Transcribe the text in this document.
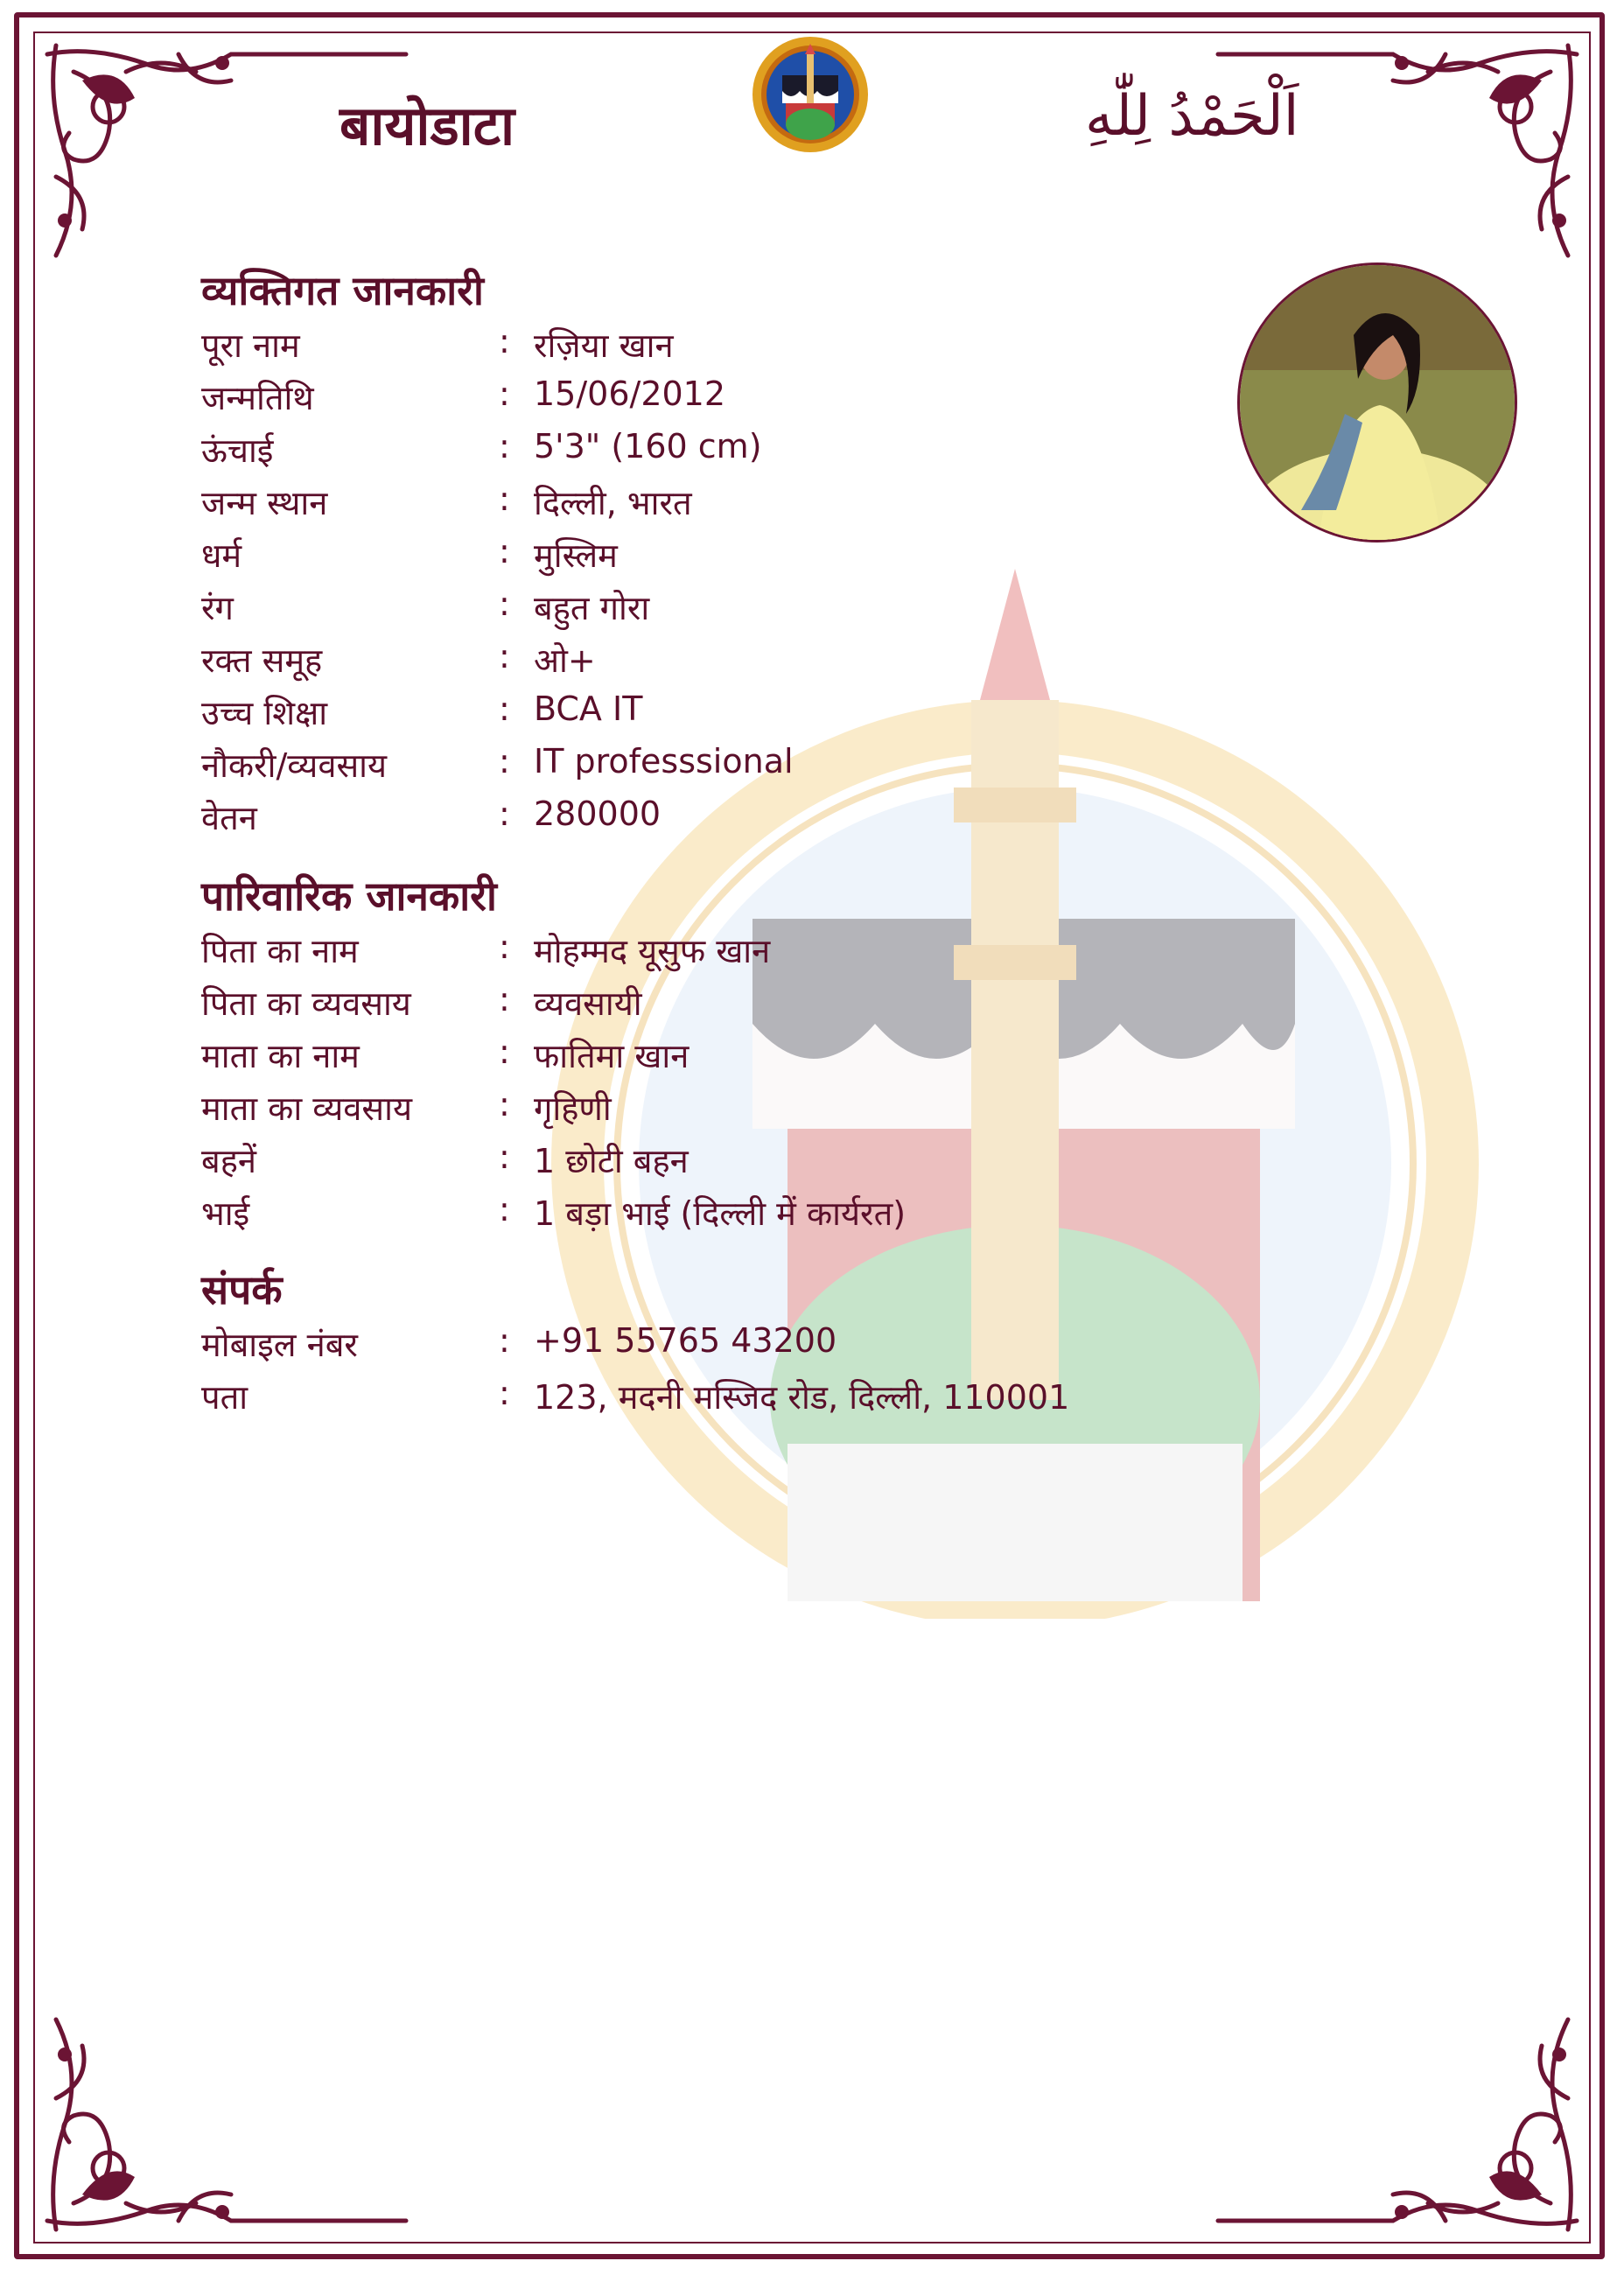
बायोडाटा	اَلْحَمْدُ لِلّٰهِ
व्यक्तिगत जानकारी
पूरा नाम	: रज़िया खान
जन्मतिथि	: 15/06/2012
ऊंचाई	: 5'3" (160 cm)
जन्म स्थान	: दिल्ली, भारत
धर्म	: मुस्लिम
रंग	: बहुत गोरा
रक्त समूह	: ओ+
उच्च शिक्षा	: BCA IT
नौकरी/व्यवसाय	: IT professsional
वेतन	: 280000
पारिवारिक जानकारी
पिता का नाम	: मोहम्मद यूसुफ खान
पिता का व्यवसाय	: व्यवसायी
माता का नाम	: फातिमा खान
माता का व्यवसाय	: गृहिणी
बहनें	: 1 छोटी बहन
भाई	: 1 बड़ा भाई (दिल्ली में कार्यरत)
संपर्क
मोबाइल नंबर	: +91 55765 43200
पता	: 123, मदनी मस्जिद रोड, दिल्ली, 110001
